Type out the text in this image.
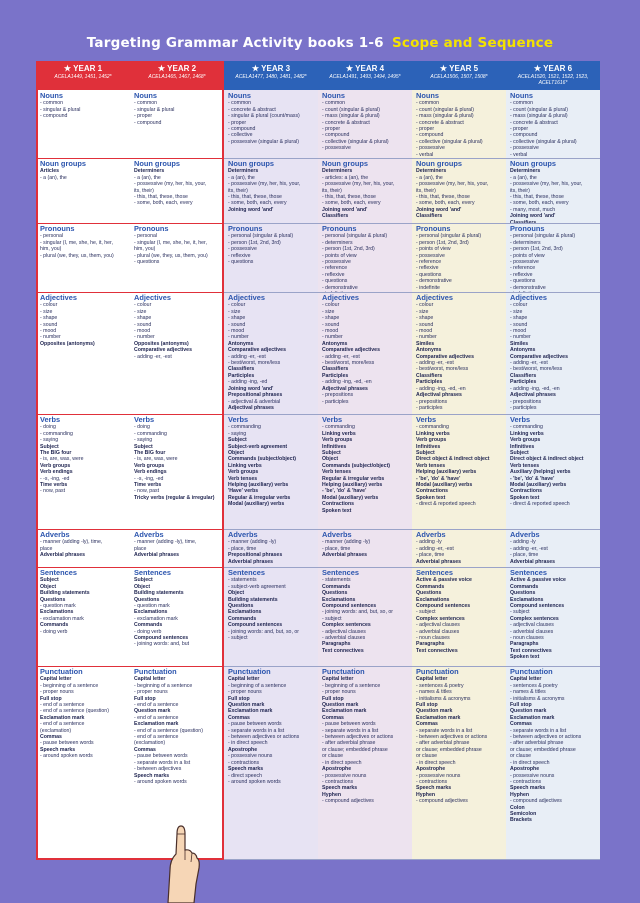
Targeting Grammar Activity books 1-6 Scope and Sequence
★ YEAR 1
ACELA1449, 1451, 1452*
Nouns
- common
- singular & plural
- compound
Noun groups
Articles
- a (an), the
Pronouns
- personal
- singular (I, me, she, he, it, her,
him, you)
- plural (we, they, us, them, you)
Adjectives
- colour
- size
- shape
- sound
- mood
- number
Opposites (antonyms)
Verbs
- doing
- commanding
- saying
Subject
The BIG four
- is, are, was, were
Verb groups
Verb endings
- -s, -ing, -ed
Time verbs
- now, past
Adverbs
- manner (adding -ly), time,
place
Adverbial phrases
Sentences
Subject
Object
Building statements
Questions
- question mark
Exclamations
- exclamation mark
Commands
- doing verb
Punctuation
Capital letter
- beginning of a sentence
- proper nouns
Full stop
- end of a sentence
- end of a sentence (question)
Exclamation mark
- end of a sentence
(exclamation)
Commas
- pause between words
Speech marks
- around spoken words
★ YEAR 2
ACELA1465, 1467, 1468*
Nouns
- common
- singular & plural
- proper
- compound
Noun groups
Determiners
- a (an), the
- possessive (my, her, his, your,
its, their)
- this, that, these, those
- some, both, each, every
Pronouns
- personal
- singular (I, me, she, he, it, her,
him, you)
- plural (we, they, us, them, you)
- questions
Adjectives
- colour
- size
- shape
- sound
- mood
- number
Opposites (antonyms)
Comparative adjectives
- adding -er, -est
Verbs
- doing
- commanding
- saying
Subject
The BIG four
- is, are, was, were
Verb groups
Verb endings
- -s, -ing, -ed
Time verbs
- now, past
Tricky verbs (regular & irregular)
Adverbs
- manner (adding -ly), time,
place
Adverbial phrases
Sentences
Subject
Object
Building statements
Questions
- question mark
Exclamations
- exclamation mark
Commands
- doing verb
Compound sentences
- joining words: and, but
Punctuation
Capital letter
- beginning of a sentence
- proper nouns
Full stop
- end of a sentence
Question mark
- end of a sentence
Exclamation mark
- end of a sentence (question)
- end of a sentence
(exclamation)
Commas
- pause between words
- separate words in a list
- between adjectives
Speech marks
- around spoken words
★ YEAR 3
ACELA1477, 1480, 1481, 1482*
Nouns
- common
- concrete & abstract
- singular & plural (count/mass)
- proper
- compound
- collective
- possessive (singular & plural)
Noun groups
Determiners
- a (an), the
- possessive (my, her, his, your,
its, their)
- this, that, these, those
- some, both, each, every
Joining word 'and'
Pronouns
- personal (singular & plural)
- person (1st, 2nd, 3rd)
- possessive
- reflexive
- questions
Adjectives
- colour
- size
- shape
- sound
- mood
- number
Antonyms
Comparative adjectives
- adding -er, -est
- best/worst, more/less
Classifiers
Participles
- adding -ing, -ed
Joining word 'and'
Prepositional phrases
- adjectival & adverbial
Adjectival phrases
Verbs
- commanding
- saying
Subject
Subject-verb agreement
Object
Commands (subject/object)
Linking verbs
Verb groups
Verb tenses
Helping (auxiliary) verbs
'Have' verbs
Regular & irregular verbs
Modal (auxiliary) verbs
Adverbs
- manner (adding -ly)
- place, time
Prepositional phrases
Adverbial phrases
Sentences
- statements
- subject-verb agreement
Object
Building statements
Questions
Exclamations
Commands
Compound sentences
- joining words: and, but, so, or
- subject
Punctuation
Capital letter
- beginning of a sentence
- proper nouns
Full stop
Question mark
Exclamation mark
Commas
- pause between words
- separate words in a list
- between adjectives or actions
- in direct speech
Apostrophe
- possessive nouns
- contractions
Speech marks
- direct speech
- around spoken words
★ YEAR 4
ACELA1491, 1493, 1494, 1495*
Nouns
- common
- count (singular & plural)
- mass (singular & plural)
- concrete & abstract
- proper
- compound
- collective (singular & plural)
- possessive
Noun groups
Determiners
- articles: a (an), the
- possessive (my, her, his, your,
its, their)
- this, that, these, those
- some, both, each, every
Joining word 'and'
Classifiers
Pronouns
- personal (singular & plural)
- determiners
- person (1st, 2nd, 3rd)
- points of view
- possessive
- reference
- reflexive
- questions
- demonstrative
Adjectives
- colour
- size
- shape
- sound
- mood
- number
Antonyms
Comparative adjectives
- adding -er, -est
- best/worst, more/less
Classifiers
Participles
- adding -ing, -ed, -en
Adjectival phrases
- prepositions
- participles
Verbs
- commanding
Linking verbs
Verb groups
Infinitives
Subject
Object
Commands (subject/object)
Verb tenses
Regular & irregular verbs
Helping (auxiliary) verbs
- 'be', 'do' & 'have'
Modal (auxiliary) verbs
Contractions
Spoken text
Adverbs
- manner (adding -ly)
- place, time
Adverbial phrases
Sentences
- statements
Commands
Questions
Exclamations
Compound sentences
- joining words: and, but, so, or
- subject
Complex sentences
- adjectival clauses
- adverbial clauses
Paragraphs
Text connectives
Punctuation
Capital letter
- beginning of a sentence
- proper nouns
Full stop
Question mark
Exclamation mark
Commas
- pause between words
- separate words in a list
- between adjectives or actions
- after adverbial phrase
or clause; embedded phrase
or clause
- in direct speech
Apostrophe
- possessive nouns
- contractions
Speech marks
Hyphen
- compound adjectives
★ YEAR 5
ACELA1506, 1507, 1508*
Nouns
- common
- count (singular & plural)
- mass (singular & plural)
- concrete & abstract
- proper
- compound
- collective (singular & plural)
- possessive
- verbal
Noun groups
Determiners
- a (an), the
- possessive (my, her, his, your,
its, their)
- this, that, these, those
- some, both, each, every
Joining word 'and'
Classifiers
Pronouns
- personal (singular & plural)
- person (1st, 2nd, 3rd)
- points of view
- possessive
- reference
- reflexive
- questions
- demonstrative
- indefinite
Adjectives
- colour
- size
- shape
- sound
- mood
- number
Similes
Antonyms
Comparative adjectives
- adding -er, -est
- best/worst, more/less
Classifiers
Participles
- adding -ing, -ed, -en
Adjectival phrases
- prepositions
- participles
Verbs
- commanding
Linking verbs
Verb groups
Infinitives
Subject
Direct object & indirect object
Verb tenses
Helping (auxiliary) verbs
- 'be', 'do' & 'have'
Modal (auxiliary) verbs
Contractions
Spoken text
- direct & reported speech
Adverbs
- adding -ly
- adding -er, -est
- place, time
Adverbial phrases
Sentences
Active & passive voice
Commands
Questions
Exclamations
Compound sentences
- subject
Complex sentences
- adjectival clauses
- adverbial clauses
- noun clauses
Paragraphs
Text connectives
Punctuation
Capital letter
- sentences & poetry
- names & titles
- initialisms & acronyms
Full stop
Question mark
Exclamation mark
Commas
- separate words in a list
- between adjectives or actions
- after adverbial phrase
or clause; embedded phrase
or clause
- in direct speech
Apostrophe
- possessive nouns
- contractions
Speech marks
Hyphen
- compound adjectives
★ YEAR 6
ACELA1520, 1521, 1522, 1523, ACELT1616*
Nouns
- common
- count (singular & plural)
- mass (singular & plural)
- concrete & abstract
- proper
- compound
- collective (singular & plural)
- possessive
- verbal
Noun groups
Determiners
- a (an), the
- possessive (my, her, his, your,
its, their)
- this, that, these, those
- some, both, each, every
- many, most, much
Joining word 'and'
Classifiers
Pronouns
- personal (singular & plural)
- determiners
- person (1st, 2nd, 3rd)
- points of view
- possessive
- reference
- reflexive
- questions
- demonstrative
Adjectives
- colour
- size
- shape
- sound
- mood
- number
Similes
Antonyms
Comparative adjectives
- adding -er, -est
- best/worst, more/less
Classifiers
Participles
- adding -ing, -ed, -en
Adjectival phrases
- prepositions
- participles
Verbs
- commanding
Linking verbs
Verb groups
Infinitives
Subject
Direct object & indirect object
Verb tenses
Auxiliary (helping) verbs
- 'be', 'do' & 'have'
Modal (auxiliary) verbs
Contractions
Spoken text
- direct & reported speech
Adverbs
- adding -ly
- adding -er, -est
- place, time
Adverbial phrases
Sentences
Active & passive voice
Commands
Questions
Exclamations
Compound sentences
- subject
Complex sentences
- adjectival clauses
- adverbial clauses
- noun clauses
Paragraphs
Text connectives
Spoken text
Punctuation
Capital letter
- sentences & poetry
- names & titles
- initialisms & acronyms
Full stop
Question mark
Exclamation mark
Commas
- separate words in a list
- between adjectives or actions
- after adverbial phrase
or clause; embedded phrase
or clause
- in direct speech
Apostrophe
- possessive nouns
- contractions
Speech marks
Hyphen
- compound adjectives
Colon
Semicolon
Brackets
